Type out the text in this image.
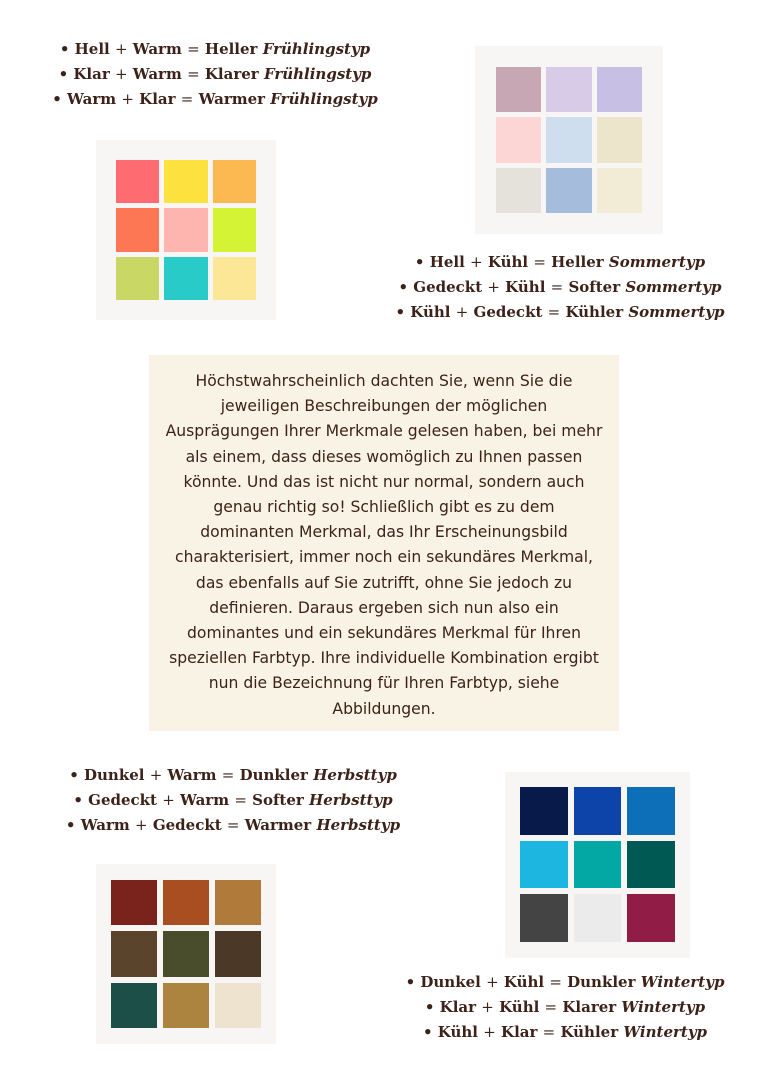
• Hell + Warm = Heller Frühlingstyp
• Klar + Warm = Klarer Frühlingstyp
• Warm + Klar = Warmer Frühlingstyp
• Hell + Kühl = Heller Sommertyp
• Gedeckt + Kühl = Softer Sommertyp
• Kühl + Gedeckt = Kühler Sommertyp

Höchstwahrscheinlich dachten Sie, wenn Sie die jeweiligen Beschreibungen der möglichen Ausprägungen Ihrer Merkmale gelesen haben, bei mehr als einem, dass dieses womöglich zu Ihnen passen könnte. Und das ist nicht nur normal, sondern auch genau richtig so! Schließlich gibt es zu dem dominanten Merkmal, das Ihr Erscheinungsbild charakterisiert, immer noch ein sekundäres Merkmal, das ebenfalls auf Sie zutrifft, ohne Sie jedoch zu definieren. Daraus ergeben sich nun also ein dominantes und ein sekundäres Merkmal für Ihren speziellen Farbtyp. Ihre individuelle Kombination ergibt nun die Bezeichnung für Ihren Farbtyp, siehe Abbildungen.

• Dunkel + Warm = Dunkler Herbsttyp
• Gedeckt + Warm = Softer Herbsttyp
• Warm + Gedeckt = Warmer Herbsttyp
• Dunkel + Kühl = Dunkler Wintertyp
• Klar + Kühl = Klarer Wintertyp
• Kühl + Klar = Kühler Wintertyp
